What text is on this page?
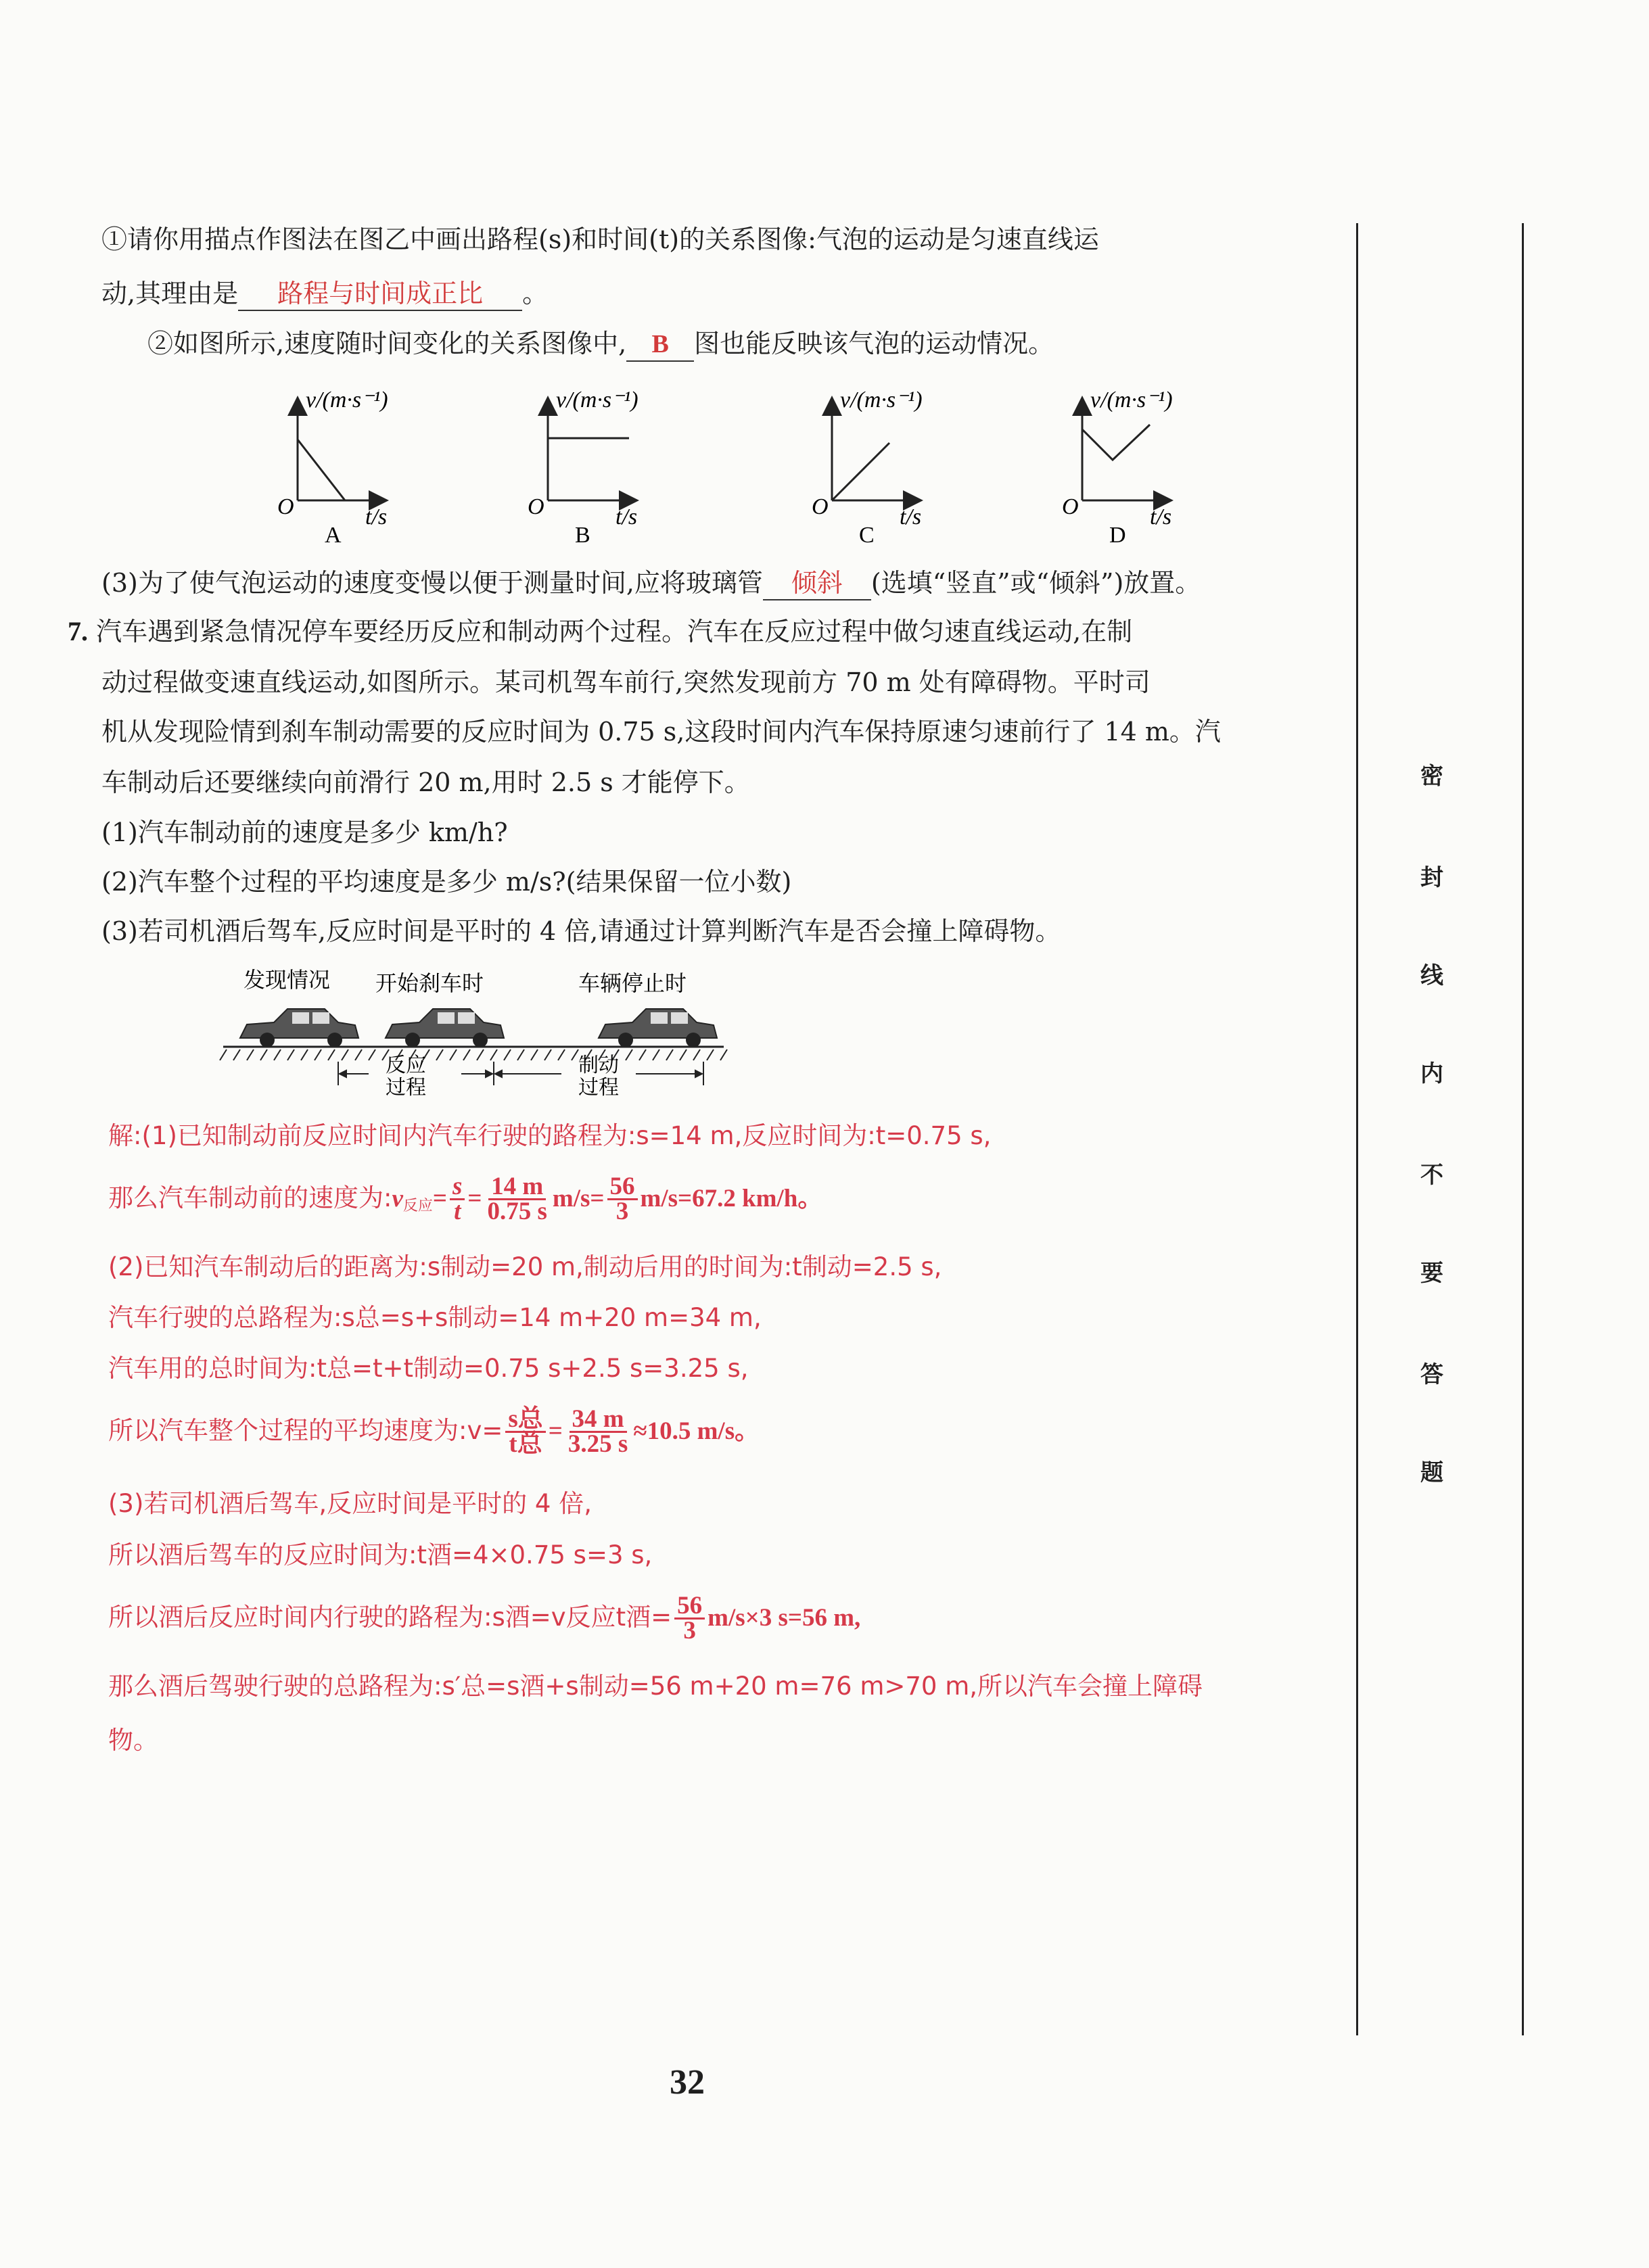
①请你用描点作图法在图乙中画出路程(s)和时间(t)的关系图像:气泡的运动是匀速直线运
动,其理由是 路程与时间成正比 。
②如图所示,速度随时间变化的关系图像中, B 图也能反映该气泡的运动情况。
v/(m·s⁻¹)
O	t/s
A
v/(m·s⁻¹)
O	t/s
B
v/(m·s⁻¹)
O	t/s
C
v/(m·s⁻¹)
O	t/s
D
(3)为了使气泡运动的速度变慢以便于测量时间,应将玻璃管 倾斜 (选填“竖直”或“倾斜”)放置。
7. 汽车遇到紧急情况停车要经历反应和制动两个过程。汽车在反应过程中做匀速直线运动,在制
动过程做变速直线运动,如图所示。某司机驾车前行,突然发现前方 70 m 处有障碍物。平时司
机从发现险情到刹车制动需要的反应时间为 0.75 s,这段时间内汽车保持原速匀速前行了 14 m。汽
车制动后还要继续向前滑行 20 m,用时 2.5 s 才能停下。
(1)汽车制动前的速度是多少 km/h?
(2)汽车整个过程的平均速度是多少 m/s?(结果保留一位小数)
(3)若司机酒后驾车,反应时间是平时的 4 倍,请通过计算判断汽车是否会撞上障碍物。
发现情况 开始刹车时	车辆停止时
反应
过程
制动
过程
解:(1)已知制动前反应时间内汽车行驶的路程为:s=14 m,反应时间为:t=0.75 s,
那么汽车制动前的速度为$:v_{反应}= \frac{s}{t} = \frac{14 m}{0.75 s} m/s= \frac{56}{3} m/s=67.2$ km/h。
(2)已知汽车制动后的距离为:s制动=20 m,制动后用的时间为:t制动=2.5 s,
汽车行驶的总路程为:s总=s+s制动=14 m+20 m=34 m,
汽车用的总时间为:t总=t+t制动=0.75 s+2.5 s=3.25 s,
所以汽车整个过程的平均速度为:v= $\frac{\text{s总}}{\text{t总}} = \frac{34 m}{3.25 s} \approx 10.5$ m/s。
(3)若司机酒后驾车,反应时间是平时的 4 倍,
所以酒后驾车的反应时间为:t酒=4×0.75 s=3 s,
所以酒后反应时间内行驶的路程为:s酒=v反应t酒= $\frac{56}{3} m/s\times 3$ s=56 m,
那么酒后驾驶行驶的总路程为:s′总=s酒+s制动=56 m+20 m=76 m>70 m,所以汽车会撞上障碍
物。
密
封
线
内
不
要
答
题
32
